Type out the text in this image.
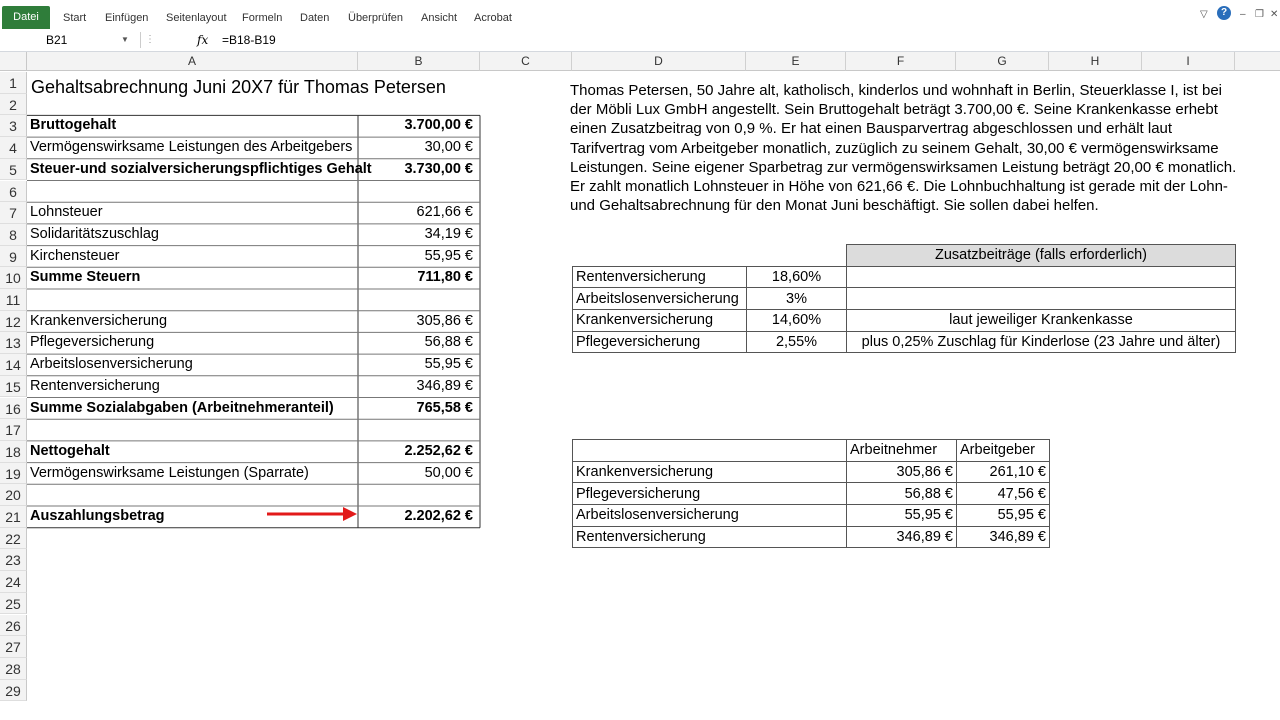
Datei	Start Einfügen Seitenlayout Formeln Daten Überprüfen Ansicht Acrobat	▽	?	– ❐ ✕
B21	▼	⋮	fx =B18-B19
A	B	C	D	E	F	G	H	I
1
2
3
4
5
6
7
8
9
10
11
12
13
14
15
16
17
18
19
20
21
22
23
24
25
26
27
28
29
Gehaltsabrechnung Juni 20X7 für Thomas Petersen
Bruttogehalt	3.700,00 €
Vermögenswirksame Leistungen des Arbeitgebers	30,00 €
Steuer-und sozialversicherungspflichtiges Gehalt	3.730,00 €
Lohnsteuer	621,66 €
Solidaritätszuschlag	34,19 €
Kirchensteuer	55,95 €
Summe Steuern	711,80 €
Krankenversicherung	305,86 €
Pflegeversicherung	56,88 €
Arbeitslosenversicherung	55,95 €
Rentenversicherung	346,89 €
Summe Sozialabgaben (Arbeitnehmeranteil)	765,58 €
Nettogehalt	2.252,62 €
Vermögenswirksame Leistungen (Sparrate)	50,00 €
Auszahlungsbetrag	2.202,62 €
Thomas Petersen, 50 Jahre alt, katholisch, kinderlos und wohnhaft in Berlin, Steuerklasse I, ist bei der Möbli Lux GmbH angestellt. Sein Bruttogehalt beträgt 3.700,00 €. Seine Krankenkasse erhebt einen Zusatzbeitrag von 0,9 %. Er hat einen Bausparvertrag abgeschlossen und erhält laut Tarifvertrag vom Arbeitgeber monatlich, zuzüglich zu seinem Gehalt, 30,00 € vermögenswirksame Leistungen. Seine eigener Sparbetrag zur vermögenswirksamen Leistung beträgt 20,00 € monatlich. Er zahlt monatlich Lohnsteuer in Höhe von 621,66 €. Die Lohnbuchhaltung ist gerade mit der Lohn- und Gehaltsabrechnung für den Monat Juni beschäftigt. Sie sollen dabei helfen.
		Zusatzbeiträge (falls erforderlich)
Rentenversicherung	18,60%	
Arbeitslosenversicherung	3%	
Krankenversicherung	14,60%	laut jeweiliger Krankenkasse
Pflegeversicherung	2,55%	plus 0,25% Zuschlag für Kinderlose (23 Jahre und älter)
	Arbeitnehmer	Arbeitgeber
Krankenversicherung	305,86 €	261,10 €
Pflegeversicherung	56,88 €	47,56 €
Arbeitslosenversicherung	55,95 €	55,95 €
Rentenversicherung	346,89 €	346,89 €
